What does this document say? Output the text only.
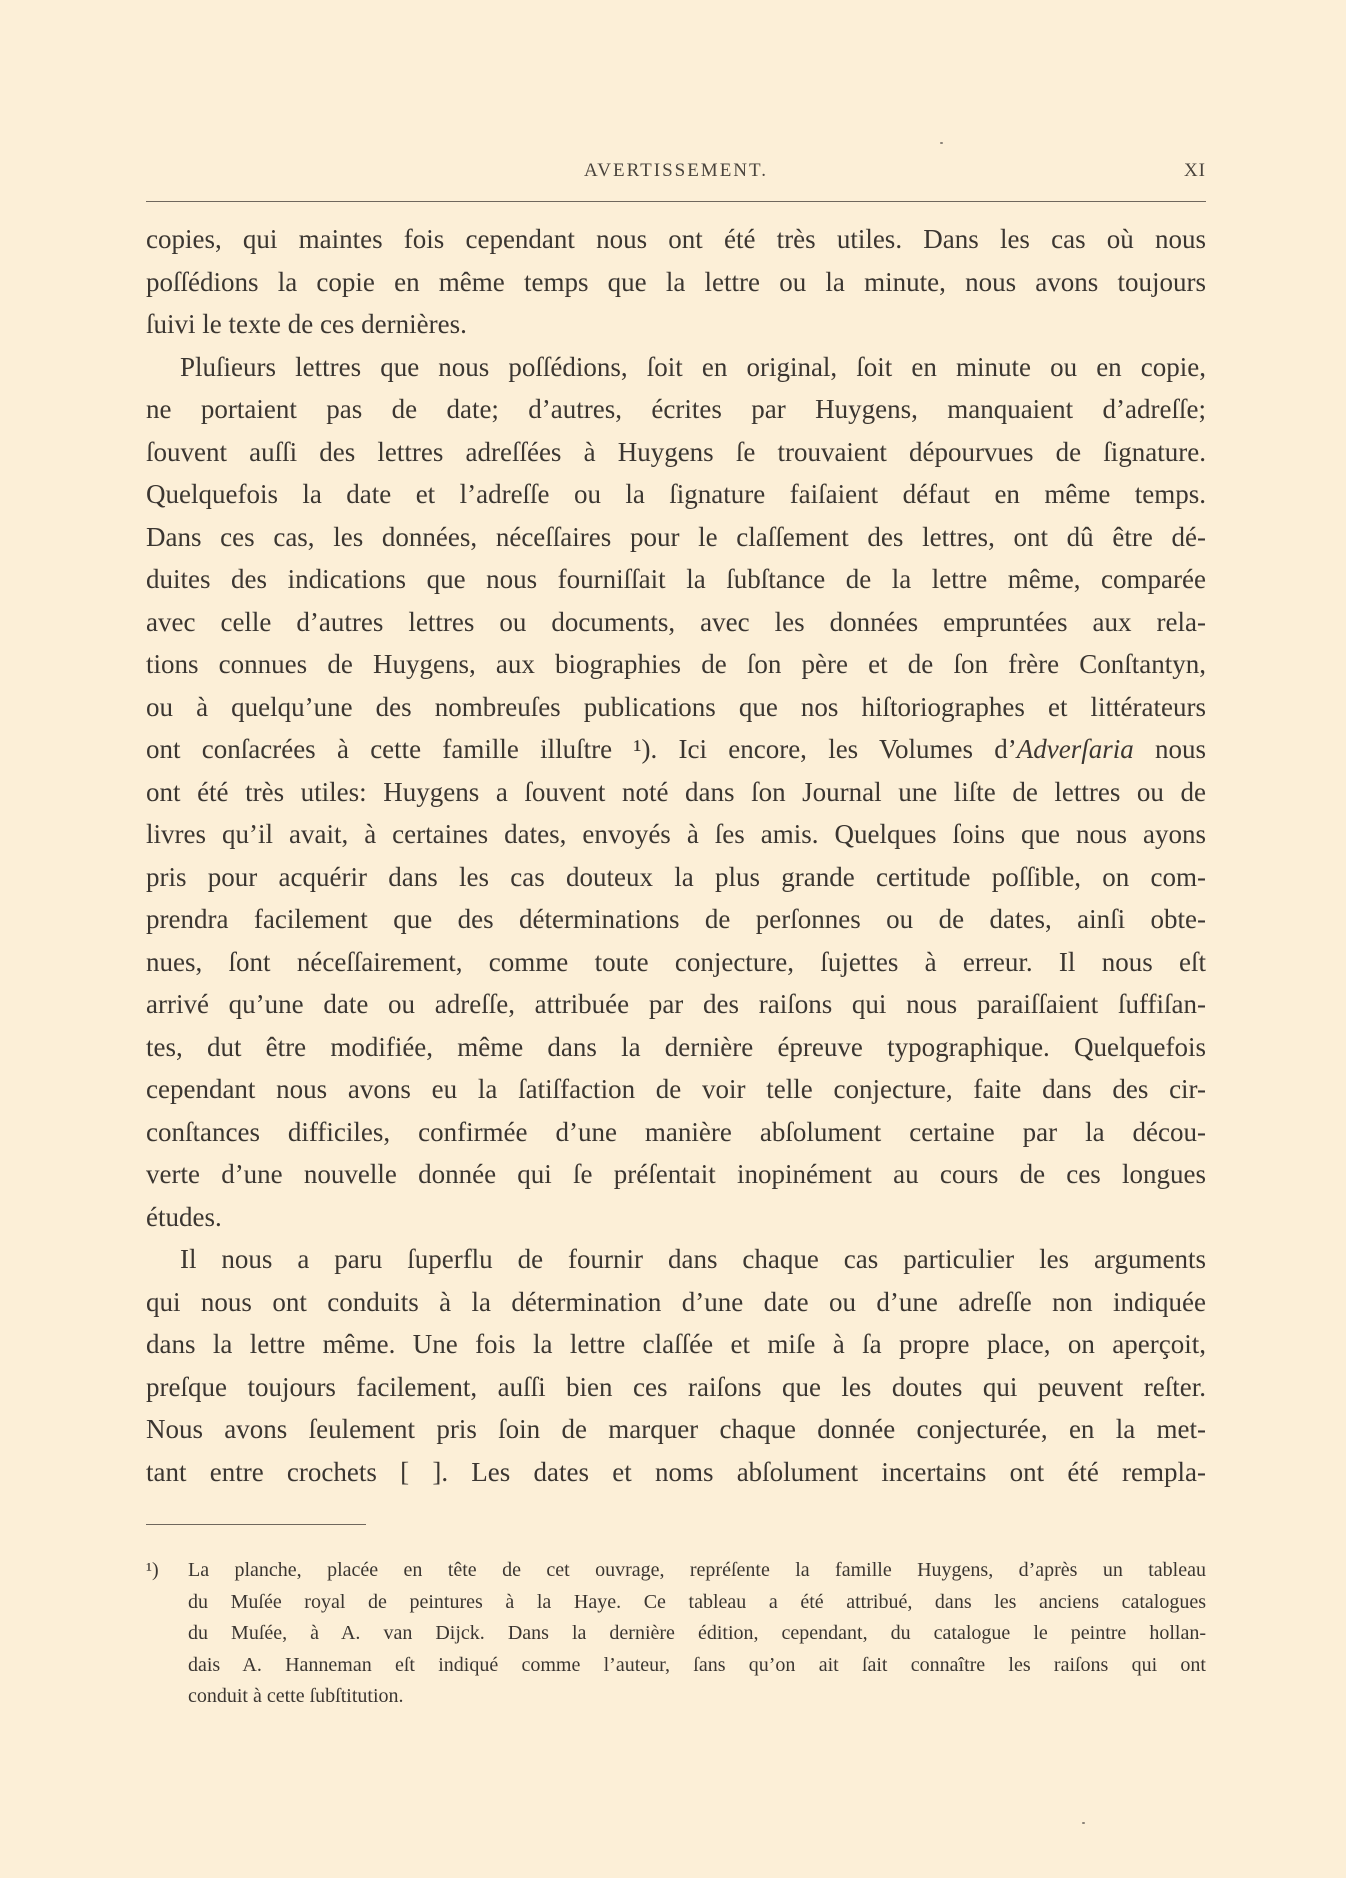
AVERTISSEMENT.	XI
copies, qui maintes fois cependant nous ont été très utiles. Dans les cas où nous
poſſédions la copie en même temps que la lettre ou la minute, nous avons toujours
ſuivi le texte de ces dernières.
Pluſieurs lettres que nous poſſédions, ſoit en original, ſoit en minute ou en copie,
ne portaient pas de date; d’autres, écrites par Huygens, manquaient d’adreſſe;
ſouvent auſſi des lettres adreſſées à Huygens ſe trouvaient dépourvues de ſignature.
Quelquefois la date et l’adreſſe ou la ſignature faiſaient défaut en même temps.
Dans ces cas, les données, néceſſaires pour le claſſement des lettres, ont dû être dé-
duites des indications que nous fourniſſait la ſubſtance de la lettre même, comparée
avec celle d’autres lettres ou documents, avec les données empruntées aux rela-
tions connues de Huygens, aux biographies de ſon père et de ſon frère Conſtantyn,
ou à quelqu’une des nombreuſes publications que nos hiſtoriographes et littérateurs
ont conſacrées à cette famille illuſtre ¹). Ici encore, les Volumes d’Adverſaria nous
ont été très utiles: Huygens a ſouvent noté dans ſon Journal une liſte de lettres ou de
livres qu’il avait, à certaines dates, envoyés à ſes amis. Quelques ſoins que nous ayons
pris pour acquérir dans les cas douteux la plus grande certitude poſſible, on com-
prendra facilement que des déterminations de perſonnes ou de dates, ainſi obte-
nues, ſont néceſſairement, comme toute conjecture, ſujettes à erreur. Il nous eſt
arrivé qu’une date ou adreſſe, attribuée par des raiſons qui nous paraiſſaient ſuffiſan-
tes, dut être modifiée, même dans la dernière épreuve typographique. Quelquefois
cependant nous avons eu la ſatiſfaction de voir telle conjecture, faite dans des cir-
conſtances difficiles, confirmée d’une manière abſolument certaine par la décou-
verte d’une nouvelle donnée qui ſe préſentait inopinément au cours de ces longues
études.
Il nous a paru ſuperflu de fournir dans chaque cas particulier les arguments
qui nous ont conduits à la détermination d’une date ou d’une adreſſe non indiquée
dans la lettre même. Une fois la lettre claſſée et miſe à ſa propre place, on aperçoit,
preſque toujours facilement, auſſi bien ces raiſons que les doutes qui peuvent reſter.
Nous avons ſeulement pris ſoin de marquer chaque donnée conjecturée, en la met-
tant entre crochets [ ]. Les dates et noms abſolument incertains ont été rempla-
¹) La planche, placée en tête de cet ouvrage, repréſente la famille Huygens, d’après un tableau
du Muſée royal de peintures à la Haye. Ce tableau a été attribué, dans les anciens catalogues
du Muſée, à A. van Dijck. Dans la dernière édition, cependant, du catalogue le peintre hollan-
dais A. Hanneman eſt indiqué comme l’auteur, ſans qu’on ait ſait connaître les raiſons qui ont
conduit à cette ſubſtitution.
